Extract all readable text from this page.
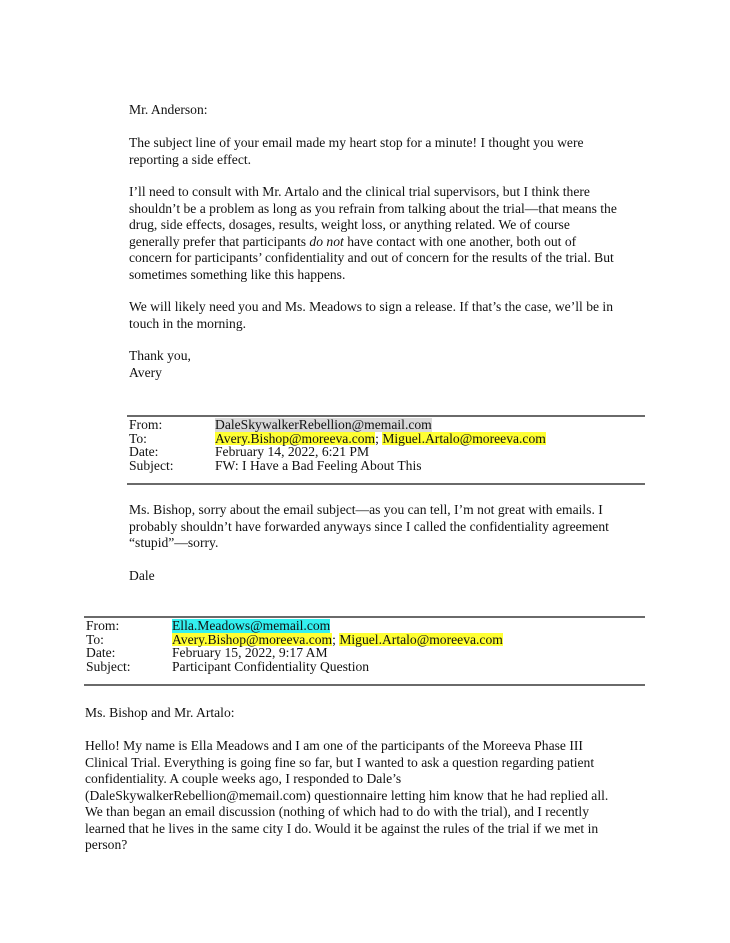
Mr. Anderson:
The subject line of your email made my heart stop for a minute! I thought you were
reporting a side effect.
I’ll need to consult with Mr. Artalo and the clinical trial supervisors, but I think there
shouldn’t be a problem as long as you refrain from talking about the trial—that means the
drug, side effects, dosages, results, weight loss, or anything related. We of course
generally prefer that participants do not have contact with one another, both out of
concern for participants’ confidentiality and out of concern for the results of the trial. But
sometimes something like this happens.
We will likely need you and Ms. Meadows to sign a release. If that’s the case, we’ll be in
touch in the morning.
Thank you,
Avery
From:	DaleSkywalkerRebellion@memail.com
To:	Avery.Bishop@moreeva.com ; Miguel.Artalo@moreeva.com
Date:	February 14, 2022, 6:21 PM
Subject:	FW: I Have a Bad Feeling About This
Ms. Bishop, sorry about the email subject—as you can tell, I’m not great with emails. I
probably shouldn’t have forwarded anyways since I called the confidentiality agreement
“stupid”—sorry.
Dale
From:	Ella.Meadows@memail.com
To:	Avery.Bishop@moreeva.com ; Miguel.Artalo@moreeva.com
Date:	February 15, 2022, 9:17 AM
Subject:	Participant Confidentiality Question
Ms. Bishop and Mr. Artalo:
Hello! My name is Ella Meadows and I am one of the participants of the Moreeva Phase III
Clinical Trial. Everything is going fine so far, but I wanted to ask a question regarding patient
confidentiality. A couple weeks ago, I responded to Dale’s
(DaleSkywalkerRebellion@memail.com) questionnaire letting him know that he had replied all.
We than began an email discussion (nothing of which had to do with the trial), and I recently
learned that he lives in the same city I do. Would it be against the rules of the trial if we met in
person?
